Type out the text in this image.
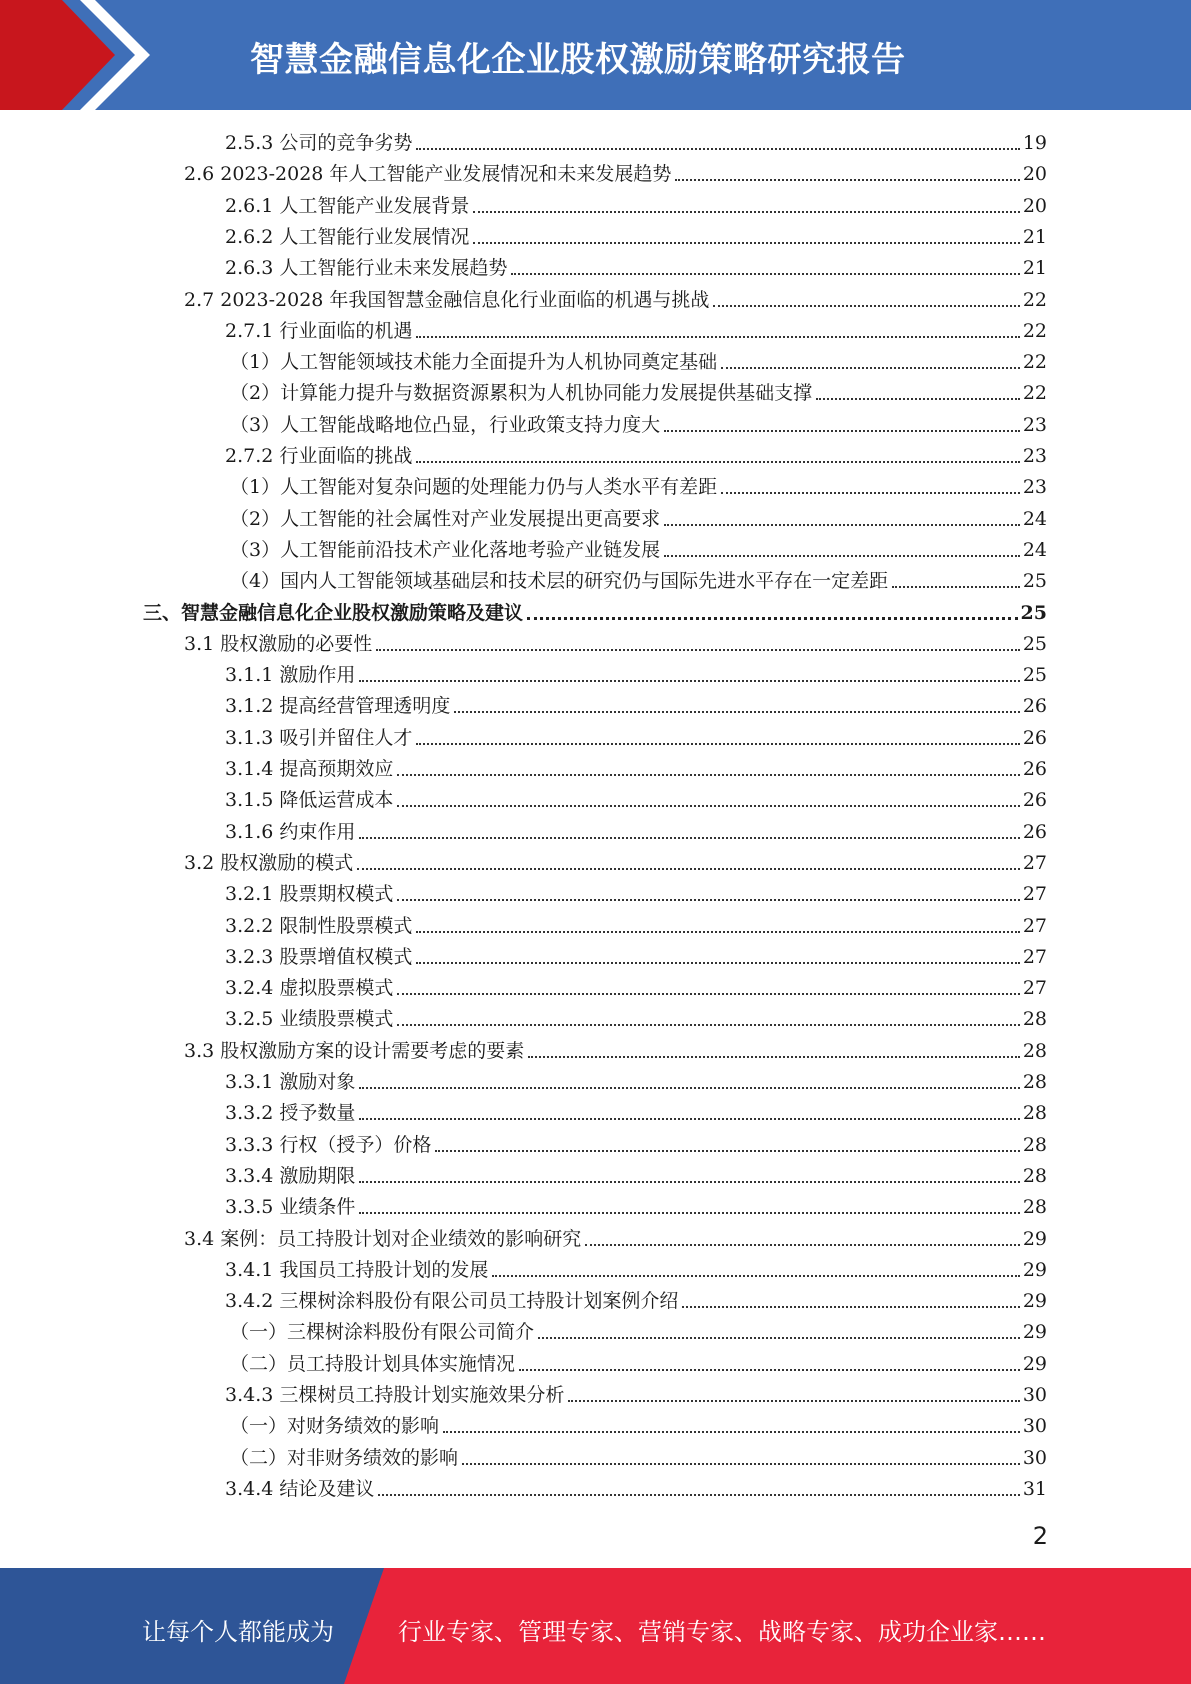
智慧金融信息化企业股权激励策略研究报告
2.5.3 公司的竞争劣势	19
2.6 2023-2028 年人工智能产业发展情况和未来发展趋势	20
2.6.1 人工智能产业发展背景	20
2.6.2 人工智能行业发展情况	21
2.6.3 人工智能行业未来发展趋势	21
2.7 2023-2028 年我国智慧金融信息化行业面临的机遇与挑战	22
2.7.1 行业面临的机遇	22
（1）人工智能领域技术能力全面提升为人机协同奠定基础	22
（2）计算能力提升与数据资源累积为人机协同能力发展提供基础支撑	22
（3）人工智能战略地位凸显，行业政策支持力度大	23
2.7.2 行业面临的挑战	23
（1）人工智能对复杂问题的处理能力仍与人类水平有差距	23
（2）人工智能的社会属性对产业发展提出更高要求	24
（3）人工智能前沿技术产业化落地考验产业链发展	24
（4）国内人工智能领域基础层和技术层的研究仍与国际先进水平存在一定差距	25
三、智慧金融信息化企业股权激励策略及建议	25
3.1 股权激励的必要性	25
3.1.1 激励作用	25
3.1.2 提高经营管理透明度	26
3.1.3 吸引并留住人才	26
3.1.4 提高预期效应	26
3.1.5 降低运营成本	26
3.1.6 约束作用	26
3.2 股权激励的模式	27
3.2.1 股票期权模式	27
3.2.2 限制性股票模式	27
3.2.3 股票增值权模式	27
3.2.4 虚拟股票模式	27
3.2.5 业绩股票模式	28
3.3 股权激励方案的设计需要考虑的要素	28
3.3.1 激励对象	28
3.3.2 授予数量	28
3.3.3 行权（授予）价格	28
3.3.4 激励期限	28
3.3.5 业绩条件	28
3.4 案例：员工持股计划对企业绩效的影响研究	29
3.4.1 我国员工持股计划的发展	29
3.4.2 三棵树涂料股份有限公司员工持股计划案例介绍	29
（一）三棵树涂料股份有限公司简介	29
（二）员工持股计划具体实施情况	29
3.4.3 三棵树员工持股计划实施效果分析	30
（一）对财务绩效的影响	30
（二）对非财务绩效的影响	30
3.4.4 结论及建议	31
2
让每个人都能成为	行业专家、管理专家、营销专家、战略专家、成功企业家……
